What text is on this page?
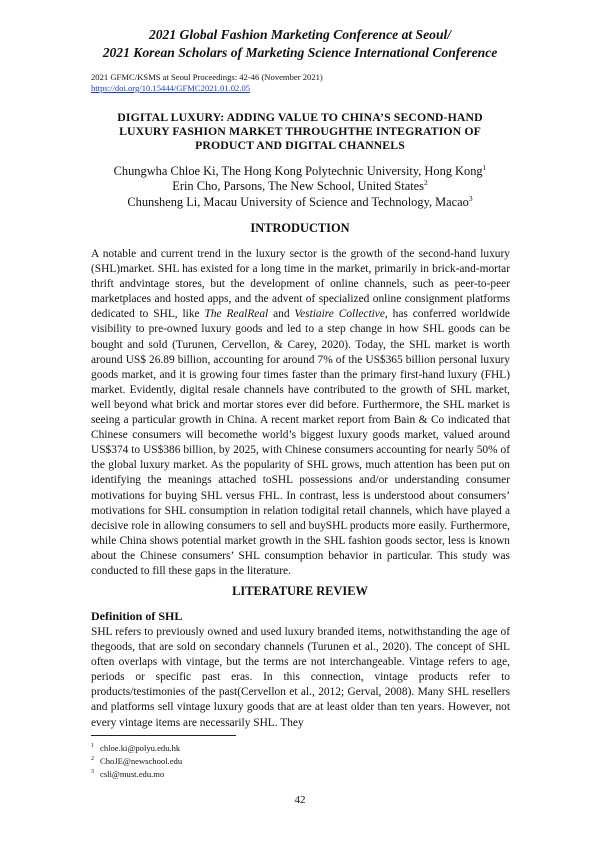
2021 Global Fashion Marketing Conference at Seoul/
2021 Korean Scholars of Marketing Science International Conference
2021 GFMC/KSMS at Seoul Proceedings: 42-46 (November 2021)
https://doi.org/10.15444/GFMC2021.01.02.05
DIGITAL LUXURY: ADDING VALUE TO CHINA’S SECOND-HAND
LUXURY FASHION MARKET THROUGHTHE INTEGRATION OF
PRODUCT AND DIGITAL CHANNELS
Chungwha Chloe Ki, The Hong Kong Polytechnic University, Hong Kong$^1$
Erin Cho, Parsons, The New School, United States$^2$
Chunsheng Li, Macau University of Science and Technology, Macao$^3$
INTRODUCTION
A notable and current trend in the luxury sector is the growth of the second-hand luxury (SHL)market. SHL has existed for a long time in the market, primarily in brick-and-mortar thrift andvintage stores, but the development of online channels, such as peer-to-peer marketplaces and hosted apps, and the advent of specialized online consignment platforms dedicated to SHL, like The RealReal and Vestiaire Collective, has conferred worldwide visibility to pre-owned luxury goods and led to a step change in how SHL goods can be bought and sold (Turunen, Cervellon, & Carey, 2020). Today, the SHL market is worth around US$ 26.89 billion, accounting for around 7% of the US$365 billion personal luxury goods market, and it is growing four times faster than the primary first-hand luxury (FHL) market. Evidently, digital resale channels have contributed to the growth of SHL market, well beyond what brick and mortar stores ever did before. Furthermore, the SHL market is seeing a particular growth in China. A recent market report from Bain & Co indicated that Chinese consumers will becomethe world’s biggest luxury goods market, valued around US$374 to US$386 billion, by 2025, with Chinese consumers accounting for nearly 50% of the global luxury market. As the popularity of SHL grows, much attention has been put on identifying the meanings attached toSHL possessions and/or understanding consumer motivations for buying SHL versus FHL. In contrast, less is understood about consumers’ motivations for SHL consumption in relation todigital retail channels, which have played a decisive role in allowing consumers to sell and buySHL products more easily. Furthermore, while China shows potential market growth in the SHL fashion goods sector, less is known about the Chinese consumers’ SHL consumption behavior in particular. This study was conducted to fill these gaps in the literature.
LITERATURE REVIEW
Definition of SHL
SHL refers to previously owned and used luxury branded items, notwithstanding the age of thegoods, that are sold on secondary channels (Turunen et al., 2020). The concept of SHL often overlaps with vintage, but the terms are not interchangeable. Vintage refers to age, periods or specific past eras. In this connection, vintage products refer to products/testimonies of the past(Cervellon et al., 2012; Gerval, 2008). Many SHL resellers and platforms sell vintage luxury goods that are at least older than ten years. However, not every vintage items are necessarily SHL. They
$^1$ chloe.ki@polyu.edu.hk
$^2$ ChoJE@newschool.edu
$^3$ csli@must.edu.mo
42
